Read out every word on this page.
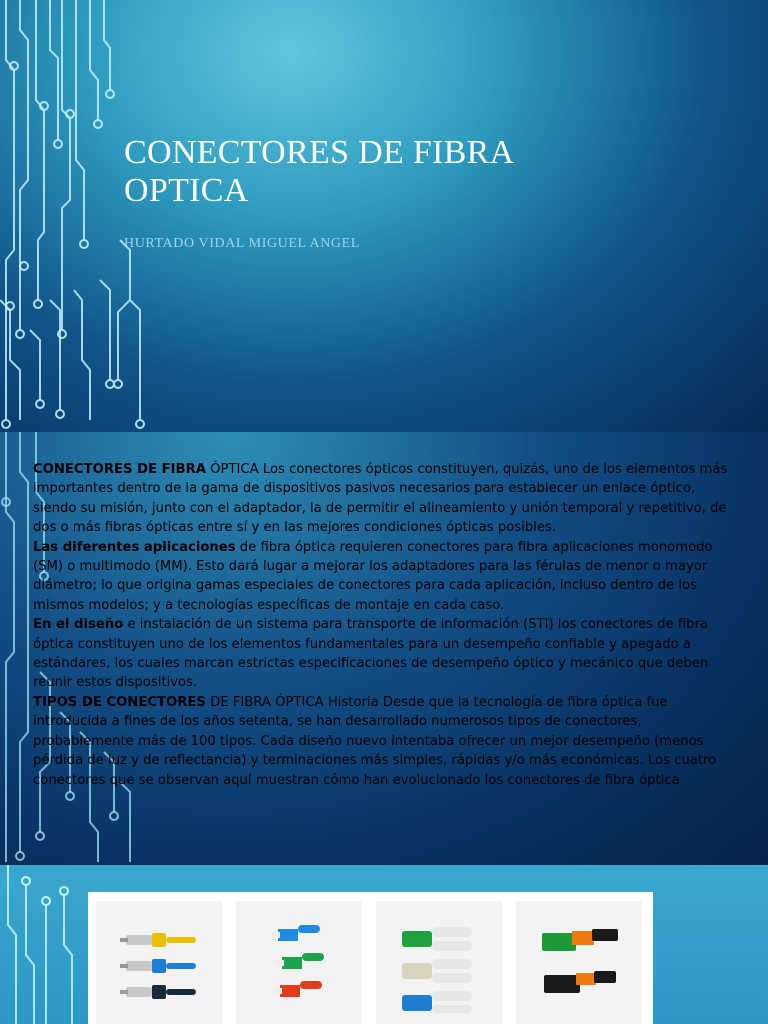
CONECTORES DE FIBRA
OPTICA

HURTADO VIDAL MIGUEL ANGEL

CONECTORES DE FIBRA ÓPTICA Los conectores ópticos constituyen, quizás, uno de los elementos más importantes dentro de la gama de dispositivos pasivos necesarios para establecer un enlace óptico, siendo su misión, junto con el adaptador, la de permitir el alineamiento y unión temporal y repetitivo, de dos o más fibras ópticas entre sí y en las mejores condiciones ópticas posibles.

Las diferentes aplicaciones de fibra óptica requieren conectores para fibra aplicaciones monomodo (SM) o multimodo (MM). Esto dará lugar a mejorar los adaptadores para las férulas de menor o mayor diámetro; lo que origina gamas especiales de conectores para cada aplicación, incluso dentro de los mismos modelos; y a tecnologías específicas de montaje en cada caso.

En el diseño e instalación de un sistema para transporte de información (STI) los conectores de fibra óptica constituyen uno de los elementos fundamentales para un desempeño confiable y apegado a estándares, los cuales marcan estrictas especificaciones de desempeño óptico y mecánico que deben reunir estos dispositivos.

TIPOS DE CONECTORES DE FIBRA ÓPTICA Historia Desde que la tecnología de fibra óptica fue introducida a fines de los años setenta, se han desarrollado numerosos tipos de conectores, probablemente más de 100 tipos. Cada diseño nuevo intentaba ofrecer un mejor desempeño (menos pérdida de luz y de reflectancia) y terminaciones más simples, rápidas y/o más económicas. Los cuatro conectores que se observan aquí muestran cómo han evolucionado los conectores de fibra óptica
